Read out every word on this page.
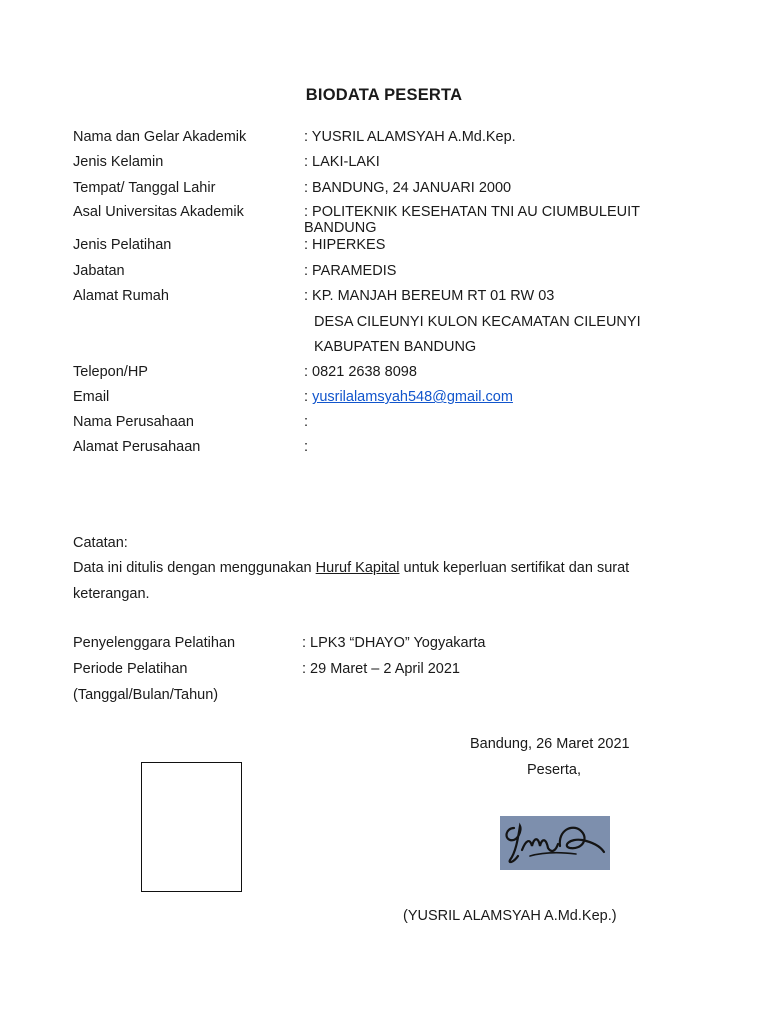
BIODATA PESERTA
Nama dan Gelar Akademik	: YUSRIL ALAMSYAH A.Md.Kep.
Jenis Kelamin	: LAKI-LAKI
Tempat/ Tanggal Lahir	: BANDUNG, 24 JANUARI 2000
Asal Universitas Akademik	: POLITEKNIK KESEHATAN TNI AU CIUMBULEUIT
BANDUNG
Jenis Pelatihan	: HIPERKES
Jabatan	: PARAMEDIS
Alamat Rumah	: KP. MANJAH BEREUM RT 01 RW 03
DESA CILEUNYI KULON KECAMATAN CILEUNYI
KABUPATEN BANDUNG
Telepon/HP	: 0821 2638 8098
Email	: yusrilalamsyah548@gmail.com
Nama Perusahaan	:
Alamat Perusahaan	:
Catatan:
Data ini ditulis dengan menggunakan Huruf Kapital untuk keperluan sertifikat dan surat
keterangan.
Penyelenggara Pelatihan	: LPK3 “DHAYO” Yogyakarta
Periode Pelatihan	: 29 Maret – 2 April 2021
(Tanggal/Bulan/Tahun)
Bandung, 26 Maret 2021
Peserta,
(YUSRIL ALAMSYAH A.Md.Kep.)
